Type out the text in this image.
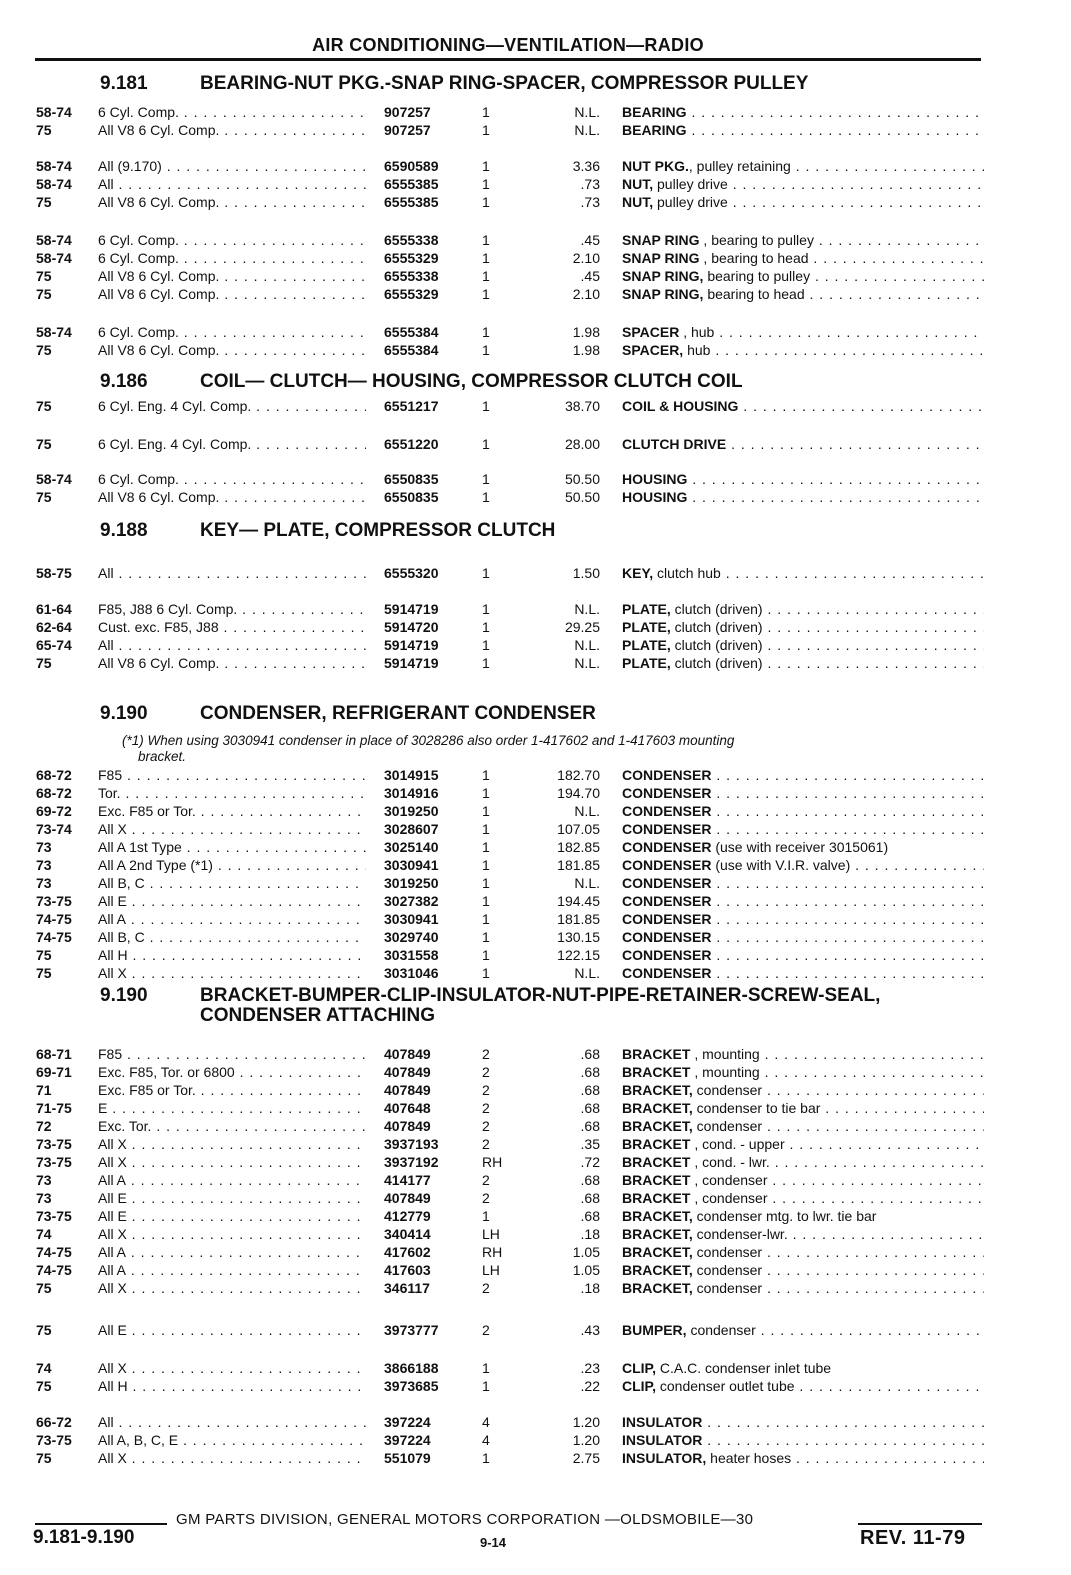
AIR CONDITIONING—VENTILATION—RADIO
9.181	BEARING-NUT PKG.-SNAP RING-SPACER, COMPRESSOR PULLEY
58-74	6 Cyl. Comp. . . .	907257	1	N.L. BEARING . . .
75	All V8 6 Cyl. Comp. . . .	907257	1	N.L. BEARING . . .
58-74	All (9.170) . . .	6590589	1	3.36 NUT PKG., pulley retaining . . .
58-74	All . . .	6555385	1	.73 NUT, pulley drive . . .
75	All V8 6 Cyl. Comp. . . .	6555385	1	.73 NUT, pulley drive . . .
58-74	6 Cyl. Comp. . . .	6555338	1	.45 SNAP RING , bearing to pulley . . .
58-74	6 Cyl. Comp. . . .	6555329	1	2.10 SNAP RING , bearing to head . . .
75	All V8 6 Cyl. Comp. . . .	6555338	1	.45 SNAP RING, bearing to pulley . . .
75	All V8 6 Cyl. Comp. . . .	6555329	1	2.10 SNAP RING, bearing to head . . .
58-74	6 Cyl. Comp. . . .	6555384	1	1.98 SPACER , hub . . .
75	All V8 6 Cyl. Comp. . . .	6555384	1	1.98 SPACER, hub . . .
9.186	COIL— CLUTCH— HOUSING, COMPRESSOR CLUTCH COIL
75	6 Cyl. Eng. 4 Cyl. Comp. . . .	6551217	1	38.70 COIL & HOUSING . . .
75	6 Cyl. Eng. 4 Cyl. Comp. . . .	6551220	1	28.00 CLUTCH DRIVE . . .
58-74	6 Cyl. Comp. . . .	6550835	1	50.50 HOUSING . . .
75	All V8 6 Cyl. Comp. . . .	6550835	1	50.50 HOUSING . . .
9.188	KEY— PLATE, COMPRESSOR CLUTCH
58-75	All . . .	6555320	1	1.50 KEY, clutch hub . . .
61-64	F85, J88 6 Cyl. Comp. . . .	5914719	1	N.L. PLATE, clutch (driven) . . .
62-64	Cust. exc. F85, J88 . . .	5914720	1	29.25 PLATE, clutch (driven) . . .
65-74	All . . .	5914719	1	N.L. PLATE, clutch (driven) . . .
75	All V8 6 Cyl. Comp. . . .	5914719	1	N.L. PLATE, clutch (driven) . . .
9.190	CONDENSER, REFRIGERANT CONDENSER
(*1) When using 3030941 condenser in place of 3028286 also order 1-417602 and 1-417603 mounting
bracket.
68-72	F85 . . .	3014915	1	182.70 CONDENSER . . .
68-72	Tor. . . .	3014916	1	194.70 CONDENSER . . .
69-72	Exc. F85 or Tor. . . .	3019250	1	N.L. CONDENSER . . .
73-74	All X . . .	3028607	1	107.05 CONDENSER . . .
73	All A 1st Type . . .	3025140	1	182.85 CONDENSER (use with receiver 3015061)
73	All A 2nd Type (*1) . . .	3030941	1	181.85 CONDENSER (use with V.I.R. valve) . . .
73	All B, C . . .	3019250	1	N.L. CONDENSER . . .
73-75	All E . . .	3027382	1	194.45 CONDENSER . . .
74-75	All A . . .	3030941	1	181.85 CONDENSER . . .
74-75	All B, C . . .	3029740	1	130.15 CONDENSER . . .
75	All H . . .	3031558	1	122.15 CONDENSER . . .
75	All X . . .	3031046	1	N.L. CONDENSER . . .
9.190	BRACKET-BUMPER-CLIP-INSULATOR-NUT-PIPE-RETAINER-SCREW-SEAL, CONDENSER ATTACHING
68-71	F85 . . .	407849	2	.68 BRACKET , mounting . . .
69-71	Exc. F85, Tor. or 6800 . . .	407849	2	.68 BRACKET , mounting . . .
71	Exc. F85 or Tor. . . .	407849	2	.68 BRACKET, condenser . . .
71-75	E . . .	407648	2	.68 BRACKET, condenser to tie bar . . .
72	Exc. Tor. . . .	407849	2	.68 BRACKET, condenser . . .
73-75	All X . . .	3937193	2	.35 BRACKET , cond. - upper . . .
73-75	All X . . .	3937192	RH	.72 BRACKET , cond. - lwr. . . .
73	All A . . .	414177	2	.68 BRACKET , condenser . . .
73	All E . . .	407849	2	.68 BRACKET , condenser . . .
73-75	All E . . .	412779	1	.68 BRACKET, condenser mtg. to lwr. tie bar
74	All X . . .	340414	LH	.18 BRACKET, condenser-lwr. . . .
74-75	All A . . .	417602	RH	1.05 BRACKET, condenser . . .
74-75	All A . . .	417603	LH	1.05 BRACKET, condenser . . .
75	All X . . .	346117	2	.18 BRACKET, condenser . . .
75	All E . . .	3973777	2	.43 BUMPER, condenser . . .
74	All X . . .	3866188	1	.23 CLIP, C.A.C. condenser inlet tube
75	All H . . .	3973685	1	.22 CLIP, condenser outlet tube . . .
66-72	All . . .	397224	4	1.20 INSULATOR . . .
73-75	All A, B, C, E . . .	397224	4	1.20 INSULATOR . . .
75	All X . . .	551079	1	2.75 INSULATOR, heater hoses . . .
GM PARTS DIVISION, GENERAL MOTORS CORPORATION —OLDSMOBILE—30
9.181-9.190	9-14	REV. 11-79
